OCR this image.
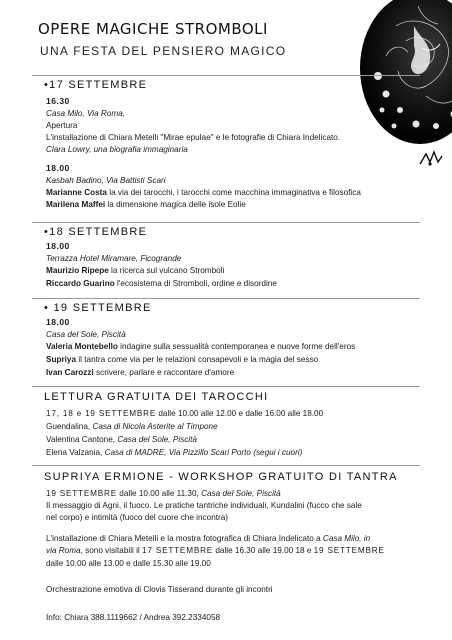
OPERE MAGICHE STROMBOLI
UNA FESTA DEL PENSIERO MAGICO
•17 SETTEMBRE
16.30
Casa Milo, Via Roma,
Apertura
L'installazione di Chiara Metelli "Mirae epulae" e le fotografie di Chiara Indelicato.
Clara Lowry, una biografia immaginaria
18.00
Kasbah Badino, Via Battisti Scari
Marianne Costa la via dei tarocchi, i tarocchi come macchina immaginativa e filosofica
Marilena Maffei la dimensione magica delle isole Eolie
•18 SETTEMBRE
18.00
Terrazza Hotel Miramare, Ficogrande
Maurizio Ripepe la ricerca sul vulcano Stromboli
Riccardo Guarino l'ecosistema di Stromboli, ordine e disordine
• 19 SETTEMBRE
18.00
Casa del Sole, Piscità
Valeria Montebello indagine sulla sessualità contemporanea e nuove forme dell'eros
Supriya il tantra come via per le relazioni consapevoli e la magia del sesso
Ivan Carozzi scrivere, parlare e raccontare d'amore
LETTURA GRATUITA DEI TAROCCHI
17, 18 e 19 SETTEMBRE dalle 10.00 alle 12.00 e dalle 16.00 alle 18.00
Guendalina, Casa di Nicola Asterite al Timpone
Valentina Cantone, Casa del Sole, Piscità
Elena Valzania, Casa di MADRE, Via Pizzillo Scari Porto (segui i cuori)
SUPRIYA ERMIONE - WORKSHOP GRATUITO DI TANTRA
19 SETTEMBRE dalle 10.00 alle 11.30, Casa del Sole, Piscità
Il messaggio di Agni, il fuoco. Le pratiche tantriche individuali, Kundalini (fucco che sale
nel corpo) e intimità (fuoco del cuore che incontra)
L'installazione di Chiara Metelli e la mostra fotografica di Chiara Indelicato a Casa Milo, in
via Roma, sono visitabili il 17 SETTEMBRE dalle 16.30 alle 19.00 18 e 19 SETTEMBRE
dalle 10.00 alle 13.00 e dalle 15.30 alle 19.00
Orchestrazione emotiva di Clovis Tisserand durante gli incontri
Info: Chiara 388.1119662 / Andrea 392.2334058
